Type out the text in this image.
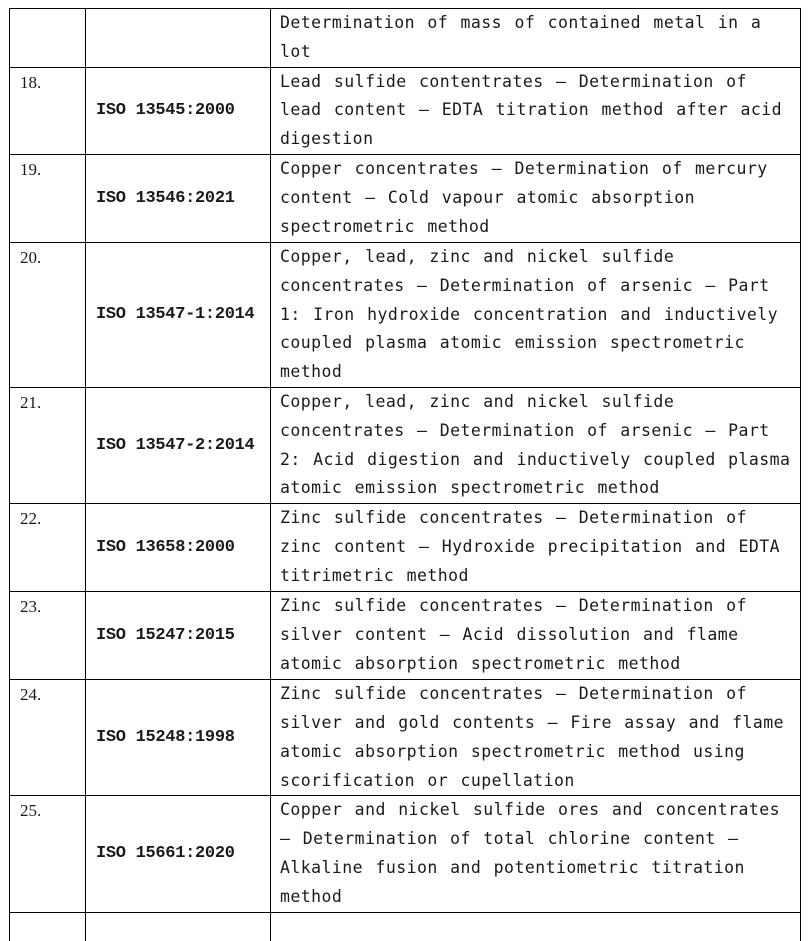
		Determination of mass of contained metal in a lot
18.	ISO 13545:2000	Lead sulfide contentrates — Determination of lead content — EDTA titration method after acid digestion
19.	ISO 13546:2021	Copper concentrates — Determination of mercury content — Cold vapour atomic absorption spectrometric method
20.	ISO 13547-1:2014	Copper, lead, zinc and nickel sulfide concentrates — Determination of arsenic — Part 1: Iron hydroxide concentration and inductively coupled plasma atomic emission spectrometric method
21.	ISO 13547-2:2014	Copper, lead, zinc and nickel sulfide concentrates — Determination of arsenic — Part 2: Acid digestion and inductively coupled plasma atomic emission spectrometric method
22.	ISO 13658:2000	Zinc sulfide concentrates — Determination of zinc content — Hydroxide precipitation and EDTA titrimetric method
23.	ISO 15247:2015	Zinc sulfide concentrates — Determination of silver content — Acid dissolution and flame atomic absorption spectrometric method
24.	ISO 15248:1998	Zinc sulfide concentrates — Determination of silver and gold contents — Fire assay and flame atomic absorption spectrometric method using scorification or cupellation
25.	ISO 15661:2020	Copper and nickel sulfide ores and concentrates — Determination of total chlorine content — Alkaline fusion and potentiometric titration method
